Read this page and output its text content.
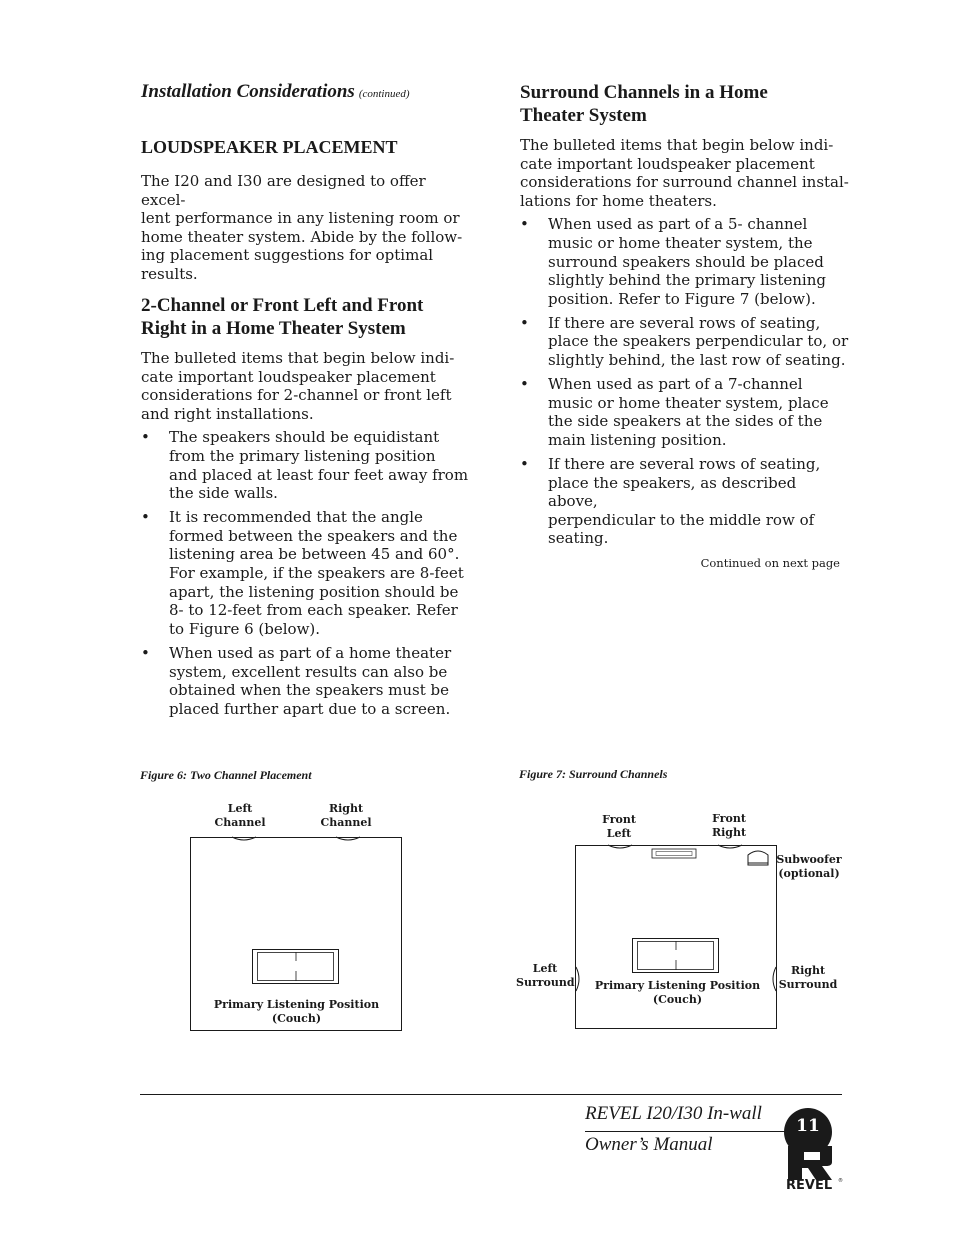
Installation Considerations (continued)
LOUDSPEAKER PLACEMENT

The I20 and I30 are designed to offer excel-
lent performance in any listening room or
home theater system. Abide by the follow-
ing placement suggestions for optimal
results.

2-Channel or Front Left and Front
Right in a Home Theater System

The bulleted items that begin below indi-
cate important loudspeaker placement
considerations for 2-channel or front left
and right installations.

• The speakers should be equidistant
from the primary listening position
and placed at least four feet away from
the side walls.
• It is recommended that the angle
formed between the speakers and the
listening area be between 45 and 60°.
For example, if the speakers are 8-feet
apart, the listening position should be
8- to 12-feet from each speaker. Refer
to Figure 6 (below).
• When used as part of a home theater
system, excellent results can also be
obtained when the speakers must be
placed further apart due to a screen.
Surround Channels in a Home
Theater System

The bulleted items that begin below indi-
cate important loudspeaker placement
considerations for surround channel instal-
lations for home theaters.

• When used as part of a 5- channel
music or home theater system, the
surround speakers should be placed
slightly behind the primary listening
position. Refer to Figure 7 (below).
• If there are several rows of seating,
place the speakers perpendicular to, or
slightly behind, the last row of seating.
• When used as part of a 7-channel
music or home theater system, place
the side speakers at the sides of the
main listening position.
• If there are several rows of seating,
place the speakers, as described above,
perpendicular to the middle row of
seating.
Continued on next page
Figure 6: Two Channel Placement
Left
Channel
Right
Channel
Primary Listening Position
(Couch)
Figure 7: Surround Channels
Front
Left
Front
Right
Subwoofer
(optional)
Left
Surround
Right
Surround
Primary Listening Position
(Couch)
REVEL I20/I30 In-wall
Owner’s Manual
11
REVEL ®
